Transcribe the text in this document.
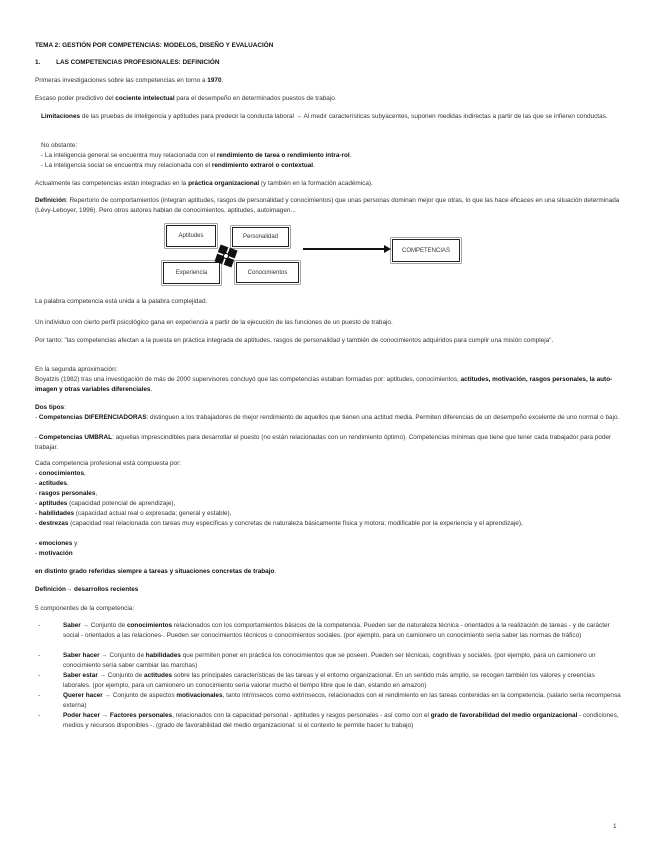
TEMA 2: GESTIÓN POR COMPETENCIAS: MODELOS, DISEÑO Y EVALUACIÓN
1. LAS COMPETENCIAS PROFESIONALES: DEFINICIÓN
Primeras investigaciones sobre las competencias en torno a 1970.
Escaso poder predictivo del cociente intelectual para el desempeño en determinados puestos de trabajo.
Limitaciones de las pruebas de inteligencia y aptitudes para predecir la conducta laboral → Al medir características subyacentes, suponen medidas indirectas a partir de las que se infieren conductas.
No obstante:
- La inteligencia general se encuentra muy relacionada con el rendimiento de tarea o rendimiento intra-rol.
- La inteligencia social se encuentra muy relacionada con el rendimiento extrarol o contextual.
Actualmente las competencias están integradas en la práctica organizacional (y también en la formación académica).
Definición: Repertorio de comportamientos (integran aptitudes, rasgos de personalidad y conocimientos) que unas personas dominan mejor que otras, lo que las hace eficaces en una situación determinada (Lévy-Leboyer, 1996). Pero otros autores hablan de conocimientos, aptitudes, autoimagen...
Aptitudes	Personalidad
Experiencia	Conocimientos
COMPETENCIAS
La palabra competencia está unida a la palabra complejidad.
Un individuo con cierto perfil psicológico gana en experiencia a partir de la ejecución de las funciones de un puesto de trabajo.
Por tanto: "las competencias afectan a la puesta en práctica integrada de aptitudes, rasgos de personalidad y también de conocimientos adquiridos para cumplir una misión compleja".
En la segunda aproximación:
Boyatzis (1982) tras una investigación de más de 2000 supervisores concluyó que las competencias estaban formadas por: aptitudes, conocimientos, actitudes, motivación, rasgos personales, la auto-imagen y otras variables diferenciales.
Dos tipos:
- Competencias DIFERENCIADORAS: distinguen a los trabajadores de mejor rendimiento de aquellos que tienen una actitud media. Permiten diferencias de un desempeño excelente de uno normal o bajo.
- Competencias UMBRAL: aquellas imprescindibles para desarrollar el puesto (no están relacionadas con un rendimiento óptimo). Competencias mínimas que tiene que tener cada trabajador para poder trabajar.
Cada competencia profesional está compuesta por:
- conocimientos,
- actitudes,
- rasgos personales,
- aptitudes (capacidad potencial de aprendizaje),
- habilidades (capacidad actual real o expresada; general y estable),
- destrezas (capacidad real relacionada con tareas muy específicas y concretas de naturaleza básicamente física y motora; modificable por la experiencia y el aprendizaje),
- emociones y
- motivación
en distinto grado referidas siempre a tareas y situaciones concretas de trabajo.
Definición→ desarrollos recientes
5 componentes de la competencia:
-	Saber → Conjunto de conocimientos relacionados con los comportamientos básicos de la competencia. Pueden ser de naturaleza técnica - orientados a la realización de tareas - y de carácter social - orientados a las relaciones-. Pueden ser conocimientos técnicos o conocimientos sociales. (por ejemplo, para un camionero un conocimiento sería saber las normas de tráfico)
-	Saber hacer → Conjunto de habilidades que permiten poner en práctica los conocimientos que se poseen. Pueden ser técnicas, cognitivas y sociales. (por ejemplo, para un camionero un conocimiento sería saber cambiar las marchas)
-	Saber estar → Conjunto de actitudes sobre las principales características de las tareas y el entorno organizacional. En un sentido más amplio, se recogen también los valores y creencias laborales. (por ejemplo, para un camionero un conocimiento sería valorar mucho el tiempo libre que le dan, estando en amazon)
-	Querer hacer → Conjunto de aspectos motivacionales, tanto intrínsecos como extrínsecos, relacionados con el rendimiento en las tareas contenidas en la competencia. (salario sería recompensa externa)
-	Poder hacer → Factores personales, relacionados con la capacidad personal - aptitudes y rasgos personales - así como con el grado de favorabilidad del medio organizacional - condiciones, medios y recursos disponibles -. (grado de favorabilidad del medio organizacional: si el contexto te permite hacer tu trabajo)
1
